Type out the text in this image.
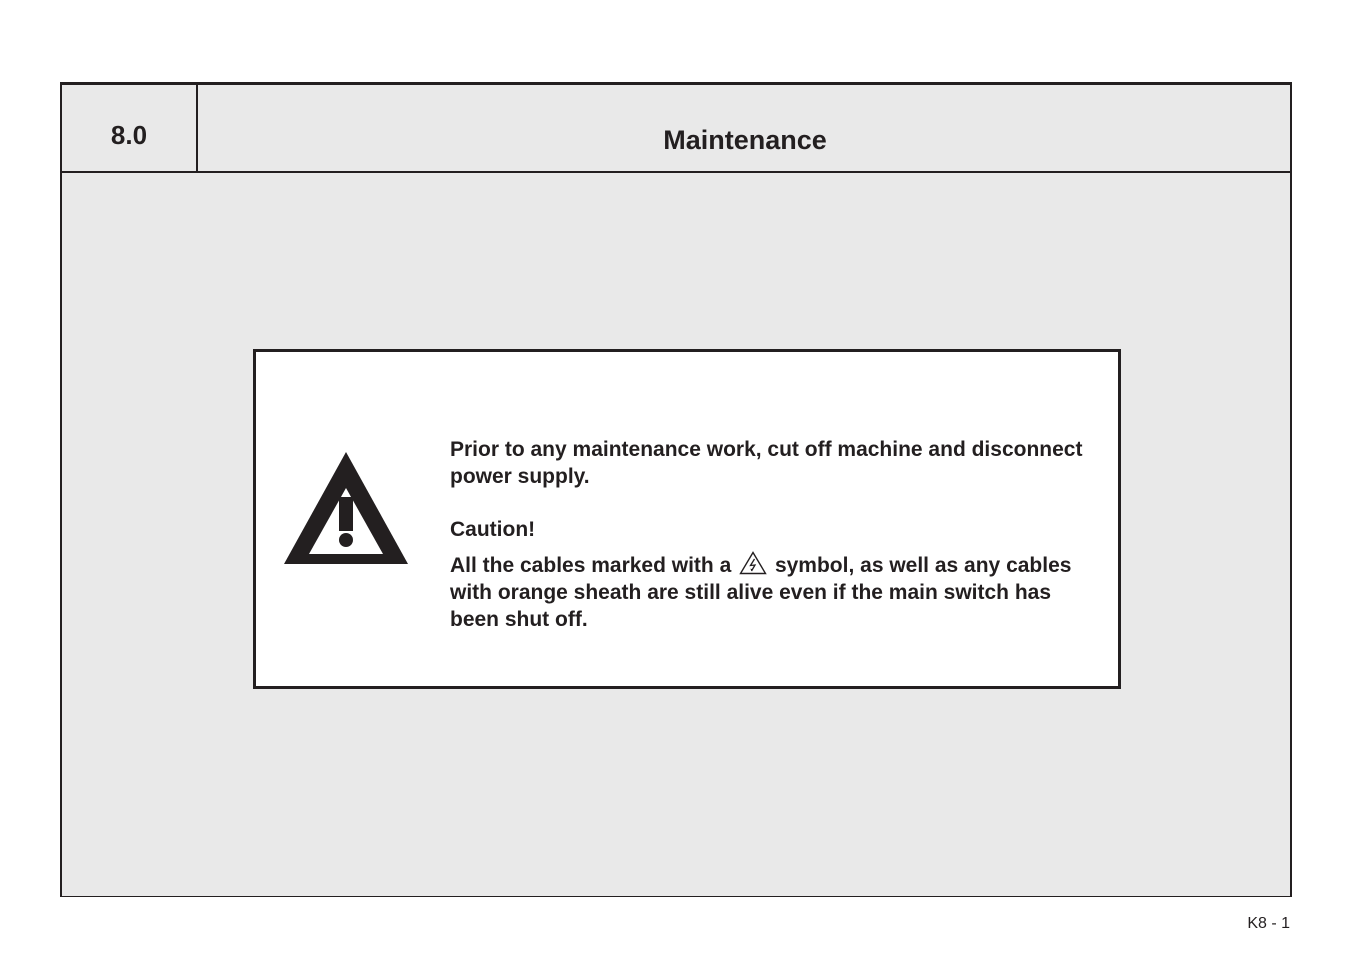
8.0	Maintenance

Prior to any maintenance work, cut off machine and disconnect power supply.

Caution!

All the cables marked with a symbol, as well as any cables with orange sheath are still alive even if the main switch has been shut off.

K8 - 1
